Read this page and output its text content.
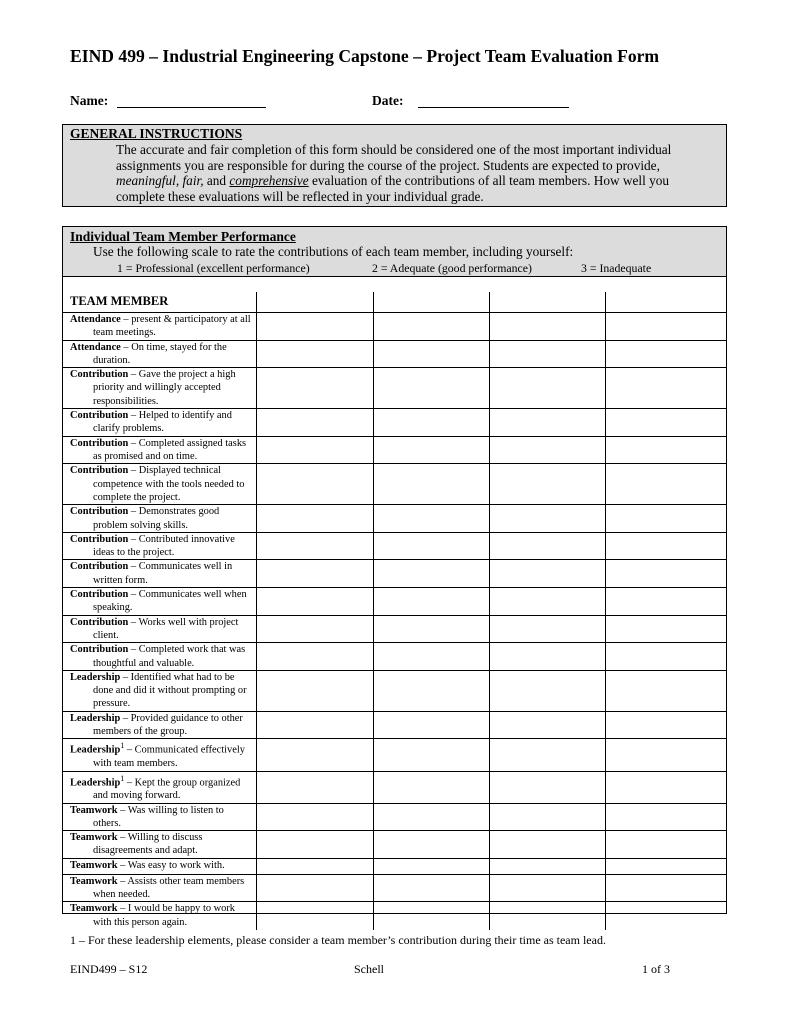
EIND 499 – Industrial Engineering Capstone – Project Team Evaluation Form
Name:	Date:
GENERAL INSTRUCTIONS
The accurate and fair completion of this form should be considered one of the most important individual assignments you are responsible for during the course of the project. Students are expected to provide, meaningful, fair, and comprehensive evaluation of the contributions of all team members. How well you complete these evaluations will be reflected in your individual grade.
Individual Team Member Performance
Use the following scale to rate the contributions of each team member, including yourself:
1 = Professional (excellent performance)	2 = Adequate (good performance)	3 = Inadequate
TEAM MEMBER				

Attendance – present & participatory at all team meetings.				

Attendance – On time, stayed for the duration.				

Contribution – Gave the project a high priority and willingly accepted responsibilities.				

Contribution – Helped to identify and clarify problems.				

Contribution – Completed assigned tasks as promised and on time.				

Contribution – Displayed technical competence with the tools needed to complete the project.				

Contribution – Demonstrates good problem solving skills.				

Contribution – Contributed innovative ideas to the project.				

Contribution – Communicates well in written form.				

Contribution – Communicates well when speaking.				

Contribution – Works well with project client.				

Contribution – Completed work that was thoughtful and valuable.				

Leadership – Identified what had to be done and did it without prompting or pressure.				

Leadership – Provided guidance to other members of the group.				

Leadership$^1$ – Communicated effectively with team members.				

Leadership$^1$ – Kept the group organized and moving forward.				

Teamwork – Was willing to listen to others.				

Teamwork – Willing to discuss disagreements and adapt.				

Teamwork – Was easy to work with.				

Teamwork – Assists other team members when needed.				

Teamwork – I would be happy to work with this person again.				

1 – For these leadership elements, please consider a team member’s contribution during their time as team lead.
EIND499 – S12	Schell	1 of 3
